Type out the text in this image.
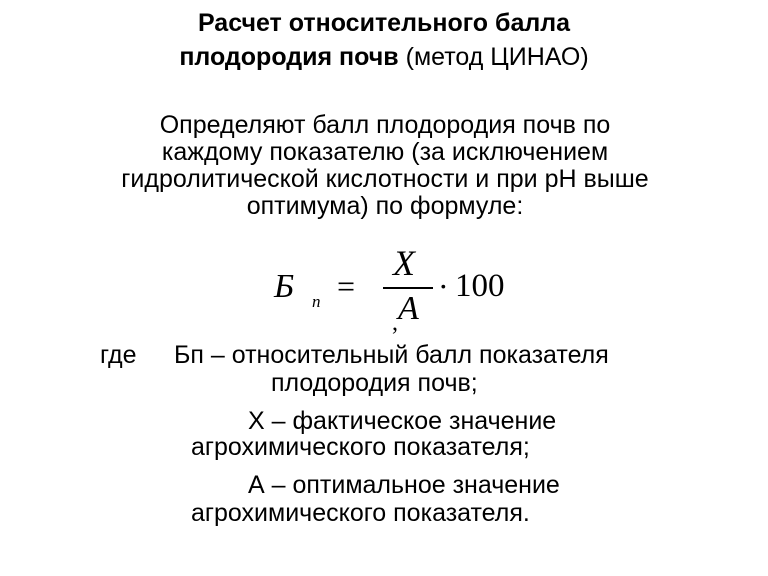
Расчет относительного балла
плодородия почв (метод ЦИНАО)
Определяют балл плодородия почв по
каждому показателю (за исключением
гидролитической кислотности и при pH выше
оптимума) по формуле:
Б п =
X
A
,
· 100
где Бп – относительный балл показателя
плодородия почв;
Х – фактическое значение
агрохимического показателя;
А – оптимальное значение
агрохимического показателя.
